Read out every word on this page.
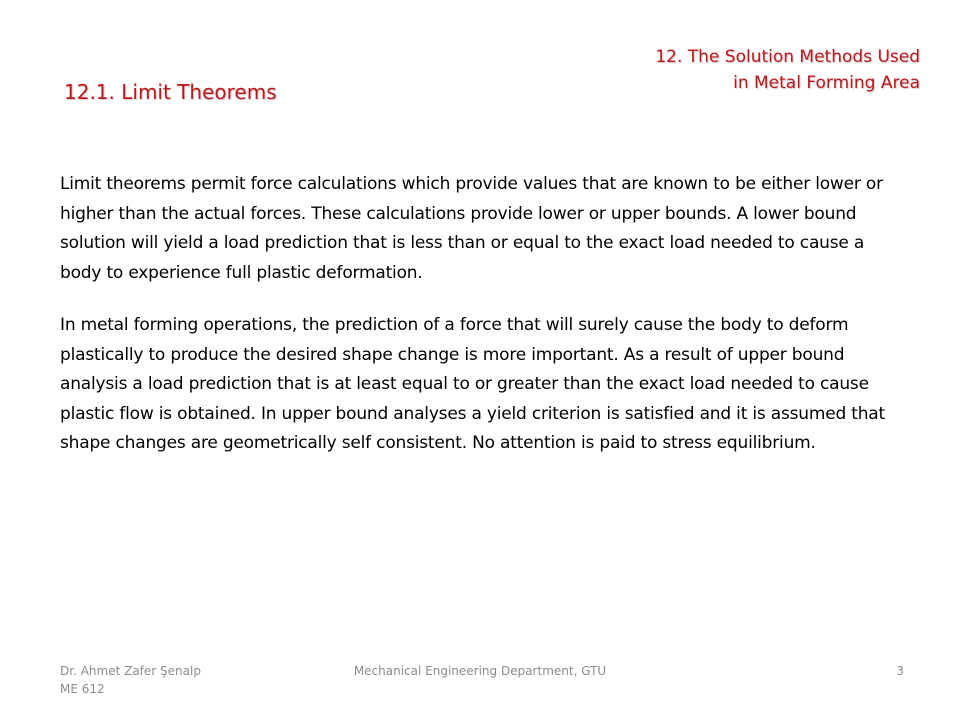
12. The Solution Methods Used
in Metal Forming Area
12.1. Limit Theorems

Limit theorems permit force calculations which provide values that are known to be either lower or higher than the actual forces. These calculations provide lower or upper bounds. A lower bound solution will yield a load prediction that is less than or equal to the exact load needed to cause a body to experience full plastic deformation.

In metal forming operations, the prediction of a force that will surely cause the body to deform plastically to produce the desired shape change is more important. As a result of upper bound analysis a load prediction that is at least equal to or greater than the exact load needed to cause plastic flow is obtained. In upper bound analyses a yield criterion is satisfied and it is assumed that shape changes are geometrically self consistent. No attention is paid to stress equilibrium.

Dr. Ahmet Zafer Şenalp
ME 612
Mechanical Engineering Department, GTU	3
